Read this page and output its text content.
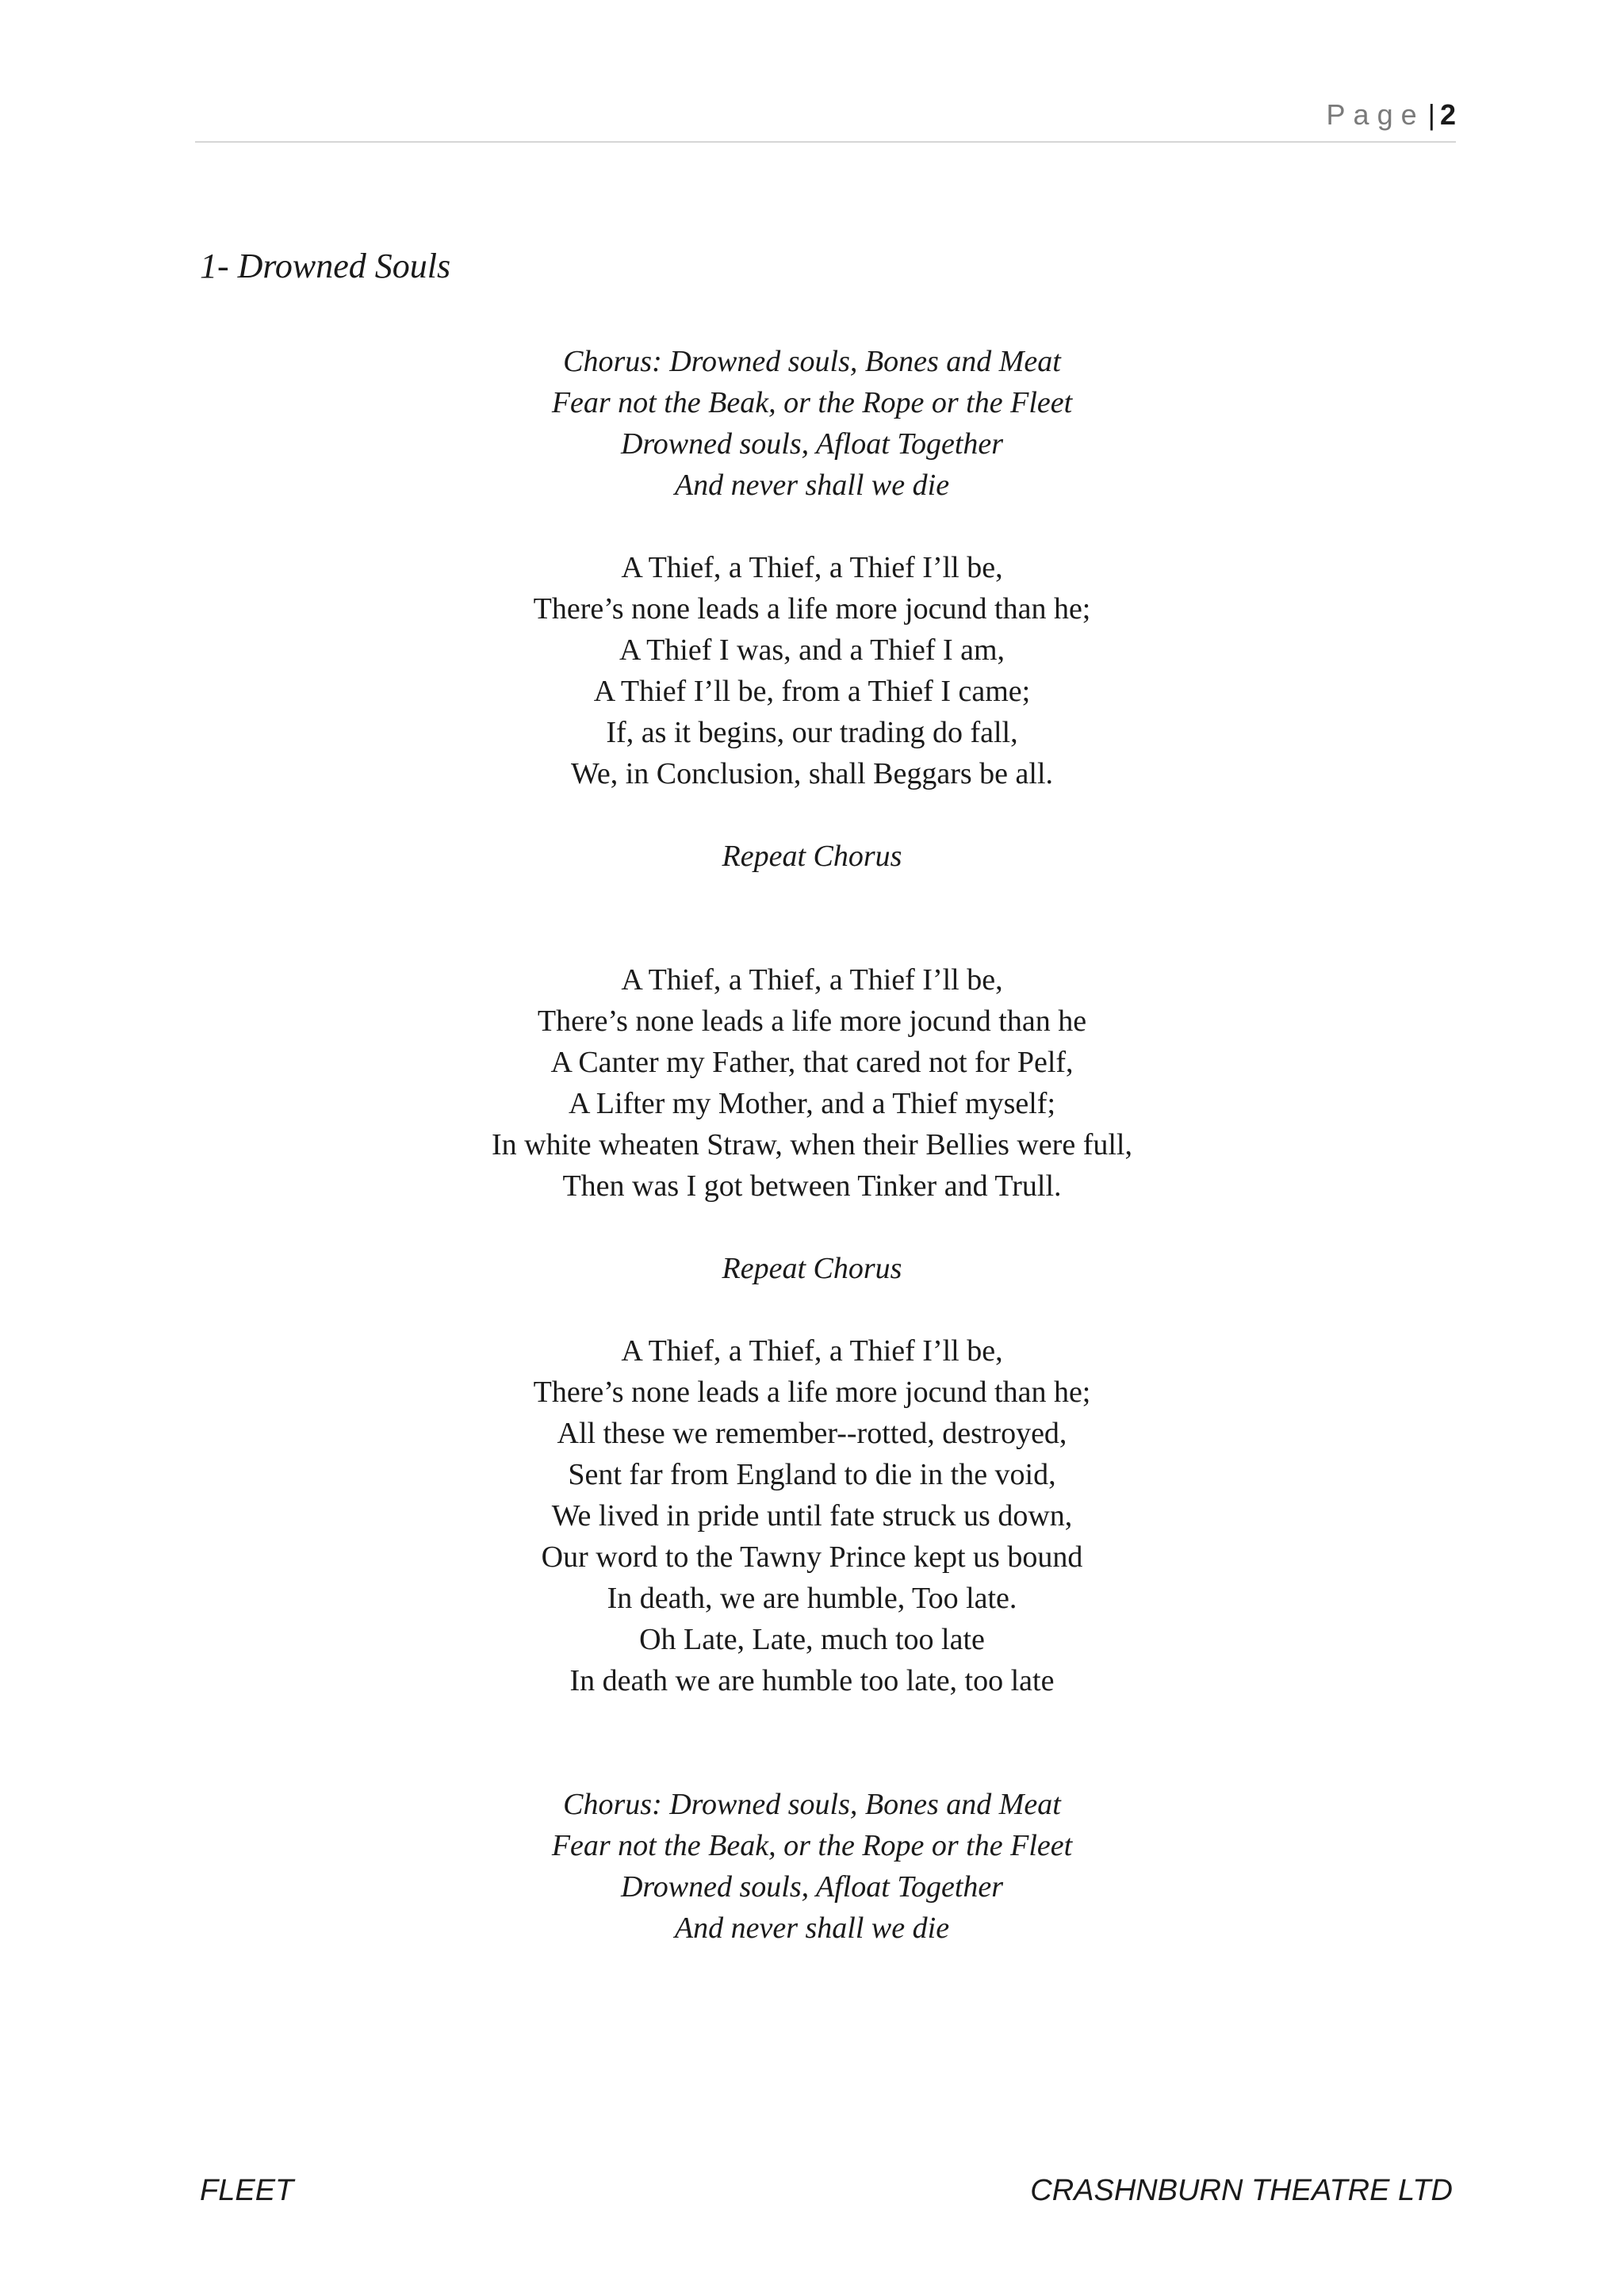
Page | 2
1- Drowned Souls
Chorus: Drowned souls, Bones and Meat
Fear not the Beak, or the Rope or the Fleet
Drowned souls, Afloat Together
And never shall we die
A Thief, a Thief, a Thief I’ll be,
There’s none leads a life more jocund than he;
A Thief I was, and a Thief I am,
A Thief I’ll be, from a Thief I came;
If, as it begins, our trading do fall,
We, in Conclusion, shall Beggars be all.
Repeat Chorus
A Thief, a Thief, a Thief I’ll be,
There’s none leads a life more jocund than he
A Canter my Father, that cared not for Pelf,
A Lifter my Mother, and a Thief myself;
In white wheaten Straw, when their Bellies were full,
Then was I got between Tinker and Trull.
Repeat Chorus
A Thief, a Thief, a Thief I’ll be,
There’s none leads a life more jocund than he;
All these we remember--rotted, destroyed,
Sent far from England to die in the void,
We lived in pride until fate struck us down,
Our word to the Tawny Prince kept us bound
In death, we are humble, Too late.
Oh Late, Late, much too late
In death we are humble too late, too late
Chorus: Drowned souls, Bones and Meat
Fear not the Beak, or the Rope or the Fleet
Drowned souls, Afloat Together
And never shall we die
FLEET	CRASHNBURN THEATRE LTD
